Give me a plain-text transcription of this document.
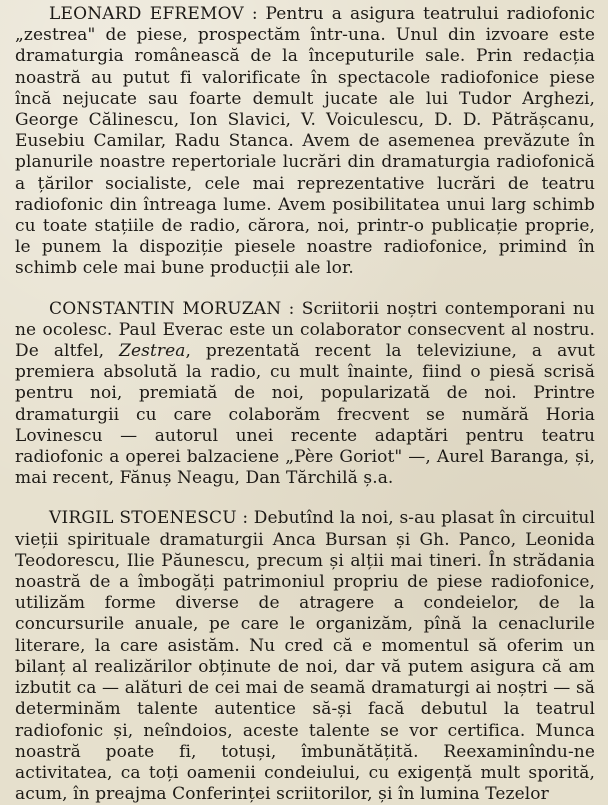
LEONARD EFREMOV : Pentru a asigura teatrului radiofonic „zestrea" de piese, prospectăm într-una. Unul din izvoare este dramaturgia românească de la începuturile sale. Prin redacția noastră au putut fi valorificate în spectacole radiofonice piese încă nejucate sau foarte demult jucate ale lui Tudor Arghezi, George Călinescu, Ion Slavici, V. Voiculescu, D. D. Pătrășcanu, Eusebiu Camilar, Radu Stanca. Avem de asemenea prevăzute în planurile noastre repertoriale lucrări din dramaturgia radiofonică a țărilor socialiste, cele mai reprezentative lucrări de teatru radiofonic din întreaga lume. Avem posibilitatea unui larg schimb cu toate stațiile de radio, cărora, noi, printr-o publicație proprie, le punem la dispoziție piesele noastre radiofonice, primind în schimb cele mai bune producții ale lor.

CONSTANTIN MORUZAN : Scriitorii noștri contemporani nu ne ocolesc. Paul Everac este un colaborator consecvent al nostru. De altfel, Zestrea, prezentată recent la televiziune, a avut premiera absolută la radio, cu mult înainte, fiind o piesă scrisă pentru noi, premiată de noi, popularizată de noi. Printre dramaturgii cu care colaborăm frecvent se numără Horia Lovinescu — autorul unei recente adaptări pentru teatru radiofonic a operei balzaciene „Père Goriot" —, Aurel Baranga, și, mai recent, Fănuș Neagu, Dan Tărchilă ș.a.

VIRGIL STOENESCU : Debutînd la noi, s-au plasat în circuitul vieții spirituale dramaturgii Anca Bursan și Gh. Panco, Leonida Teodorescu, Ilie Păunescu, precum și alții mai tineri. În strădania noastră de a îmbogăți patrimoniul propriu de piese radiofonice, utilizăm forme diverse de atragere a condeielor, de la concursurile anuale, pe care le organizăm, pînă la cenaclurile literare, la care asistăm. Nu cred că e momentul să oferim un bilanț al realizărilor obținute de noi, dar vă putem asigura că am izbutit ca — alături de cei mai de seamă dramaturgi ai noștri — să determinăm talente autentice să-și facă debutul la teatrul radiofonic și, neîndoios, aceste talente se vor certifica. Munca noastră poate fi, totuși, îmbunătățită. Reexaminîndu-ne activitatea, ca toți oamenii condeiului, cu exigență mult sporită, acum, în preajma Conferinței scriitorilor, și în lumina Tezelor
